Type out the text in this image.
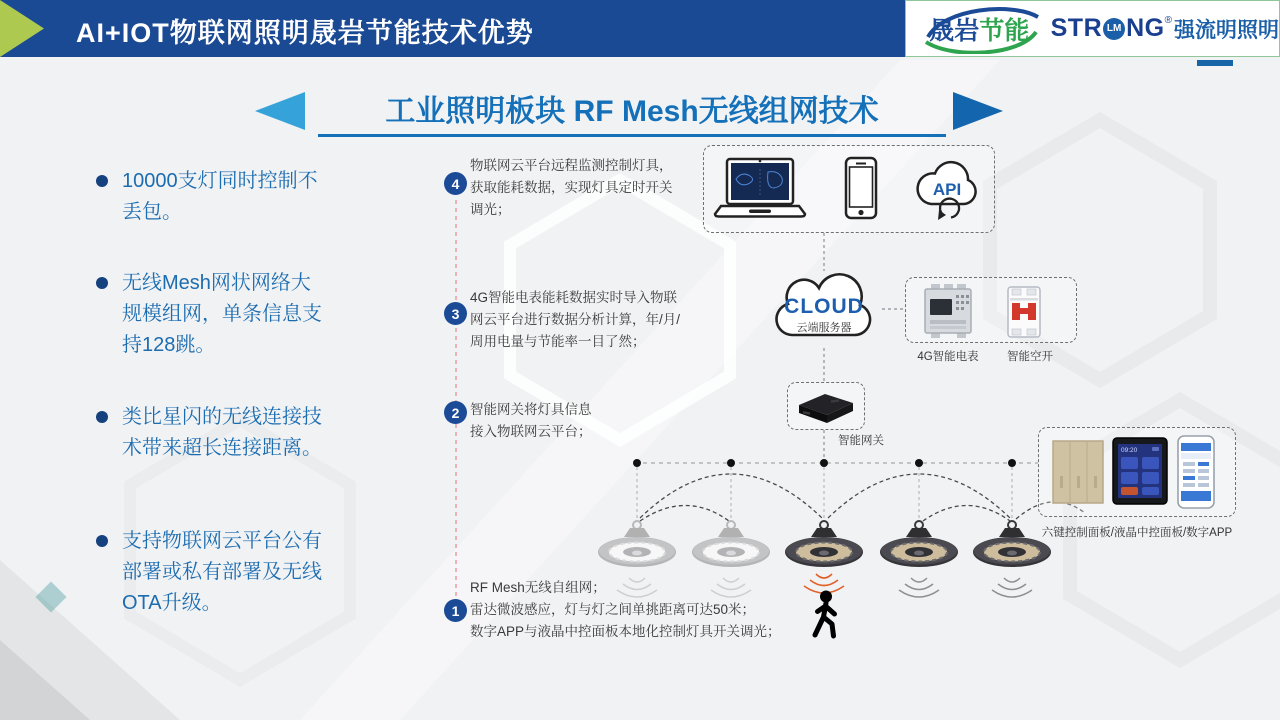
AI+IOT物联网照明晟岩节能技术优势	晟岩节能 STR LM NG ® 强流明照明
工业照明板块 RF Mesh无线组网技术
10000支灯同时控制不
丢包。
无线Mesh网状网络大
规模组网，单条信息支
持128跳。
类比星闪的无线连接技
术带来超长连接距离。
支持物联网云平台公有
部署或私有部署及无线
OTA升级。
4
物联网云平台远程监测控制灯具，
获取能耗数据，实现灯具定时开关
调光；
3
4G智能电表能耗数据实时导入物联
网云平台进行数据分析计算，年/月/
周用电量与节能率一目了然；
2 智能网关将灯具信息
接入物联网云平台；
1
RF Mesh无线自组网；
雷达微波感应，灯与灯之间单挑距离可达50米；
数字APP与液晶中控面板本地化控制灯具开关调光；
API
CLOUD
云端服务器
4G智能电表	智能空开
智能网关
09:20
六键控制面板/液晶中控面板/数字APP
